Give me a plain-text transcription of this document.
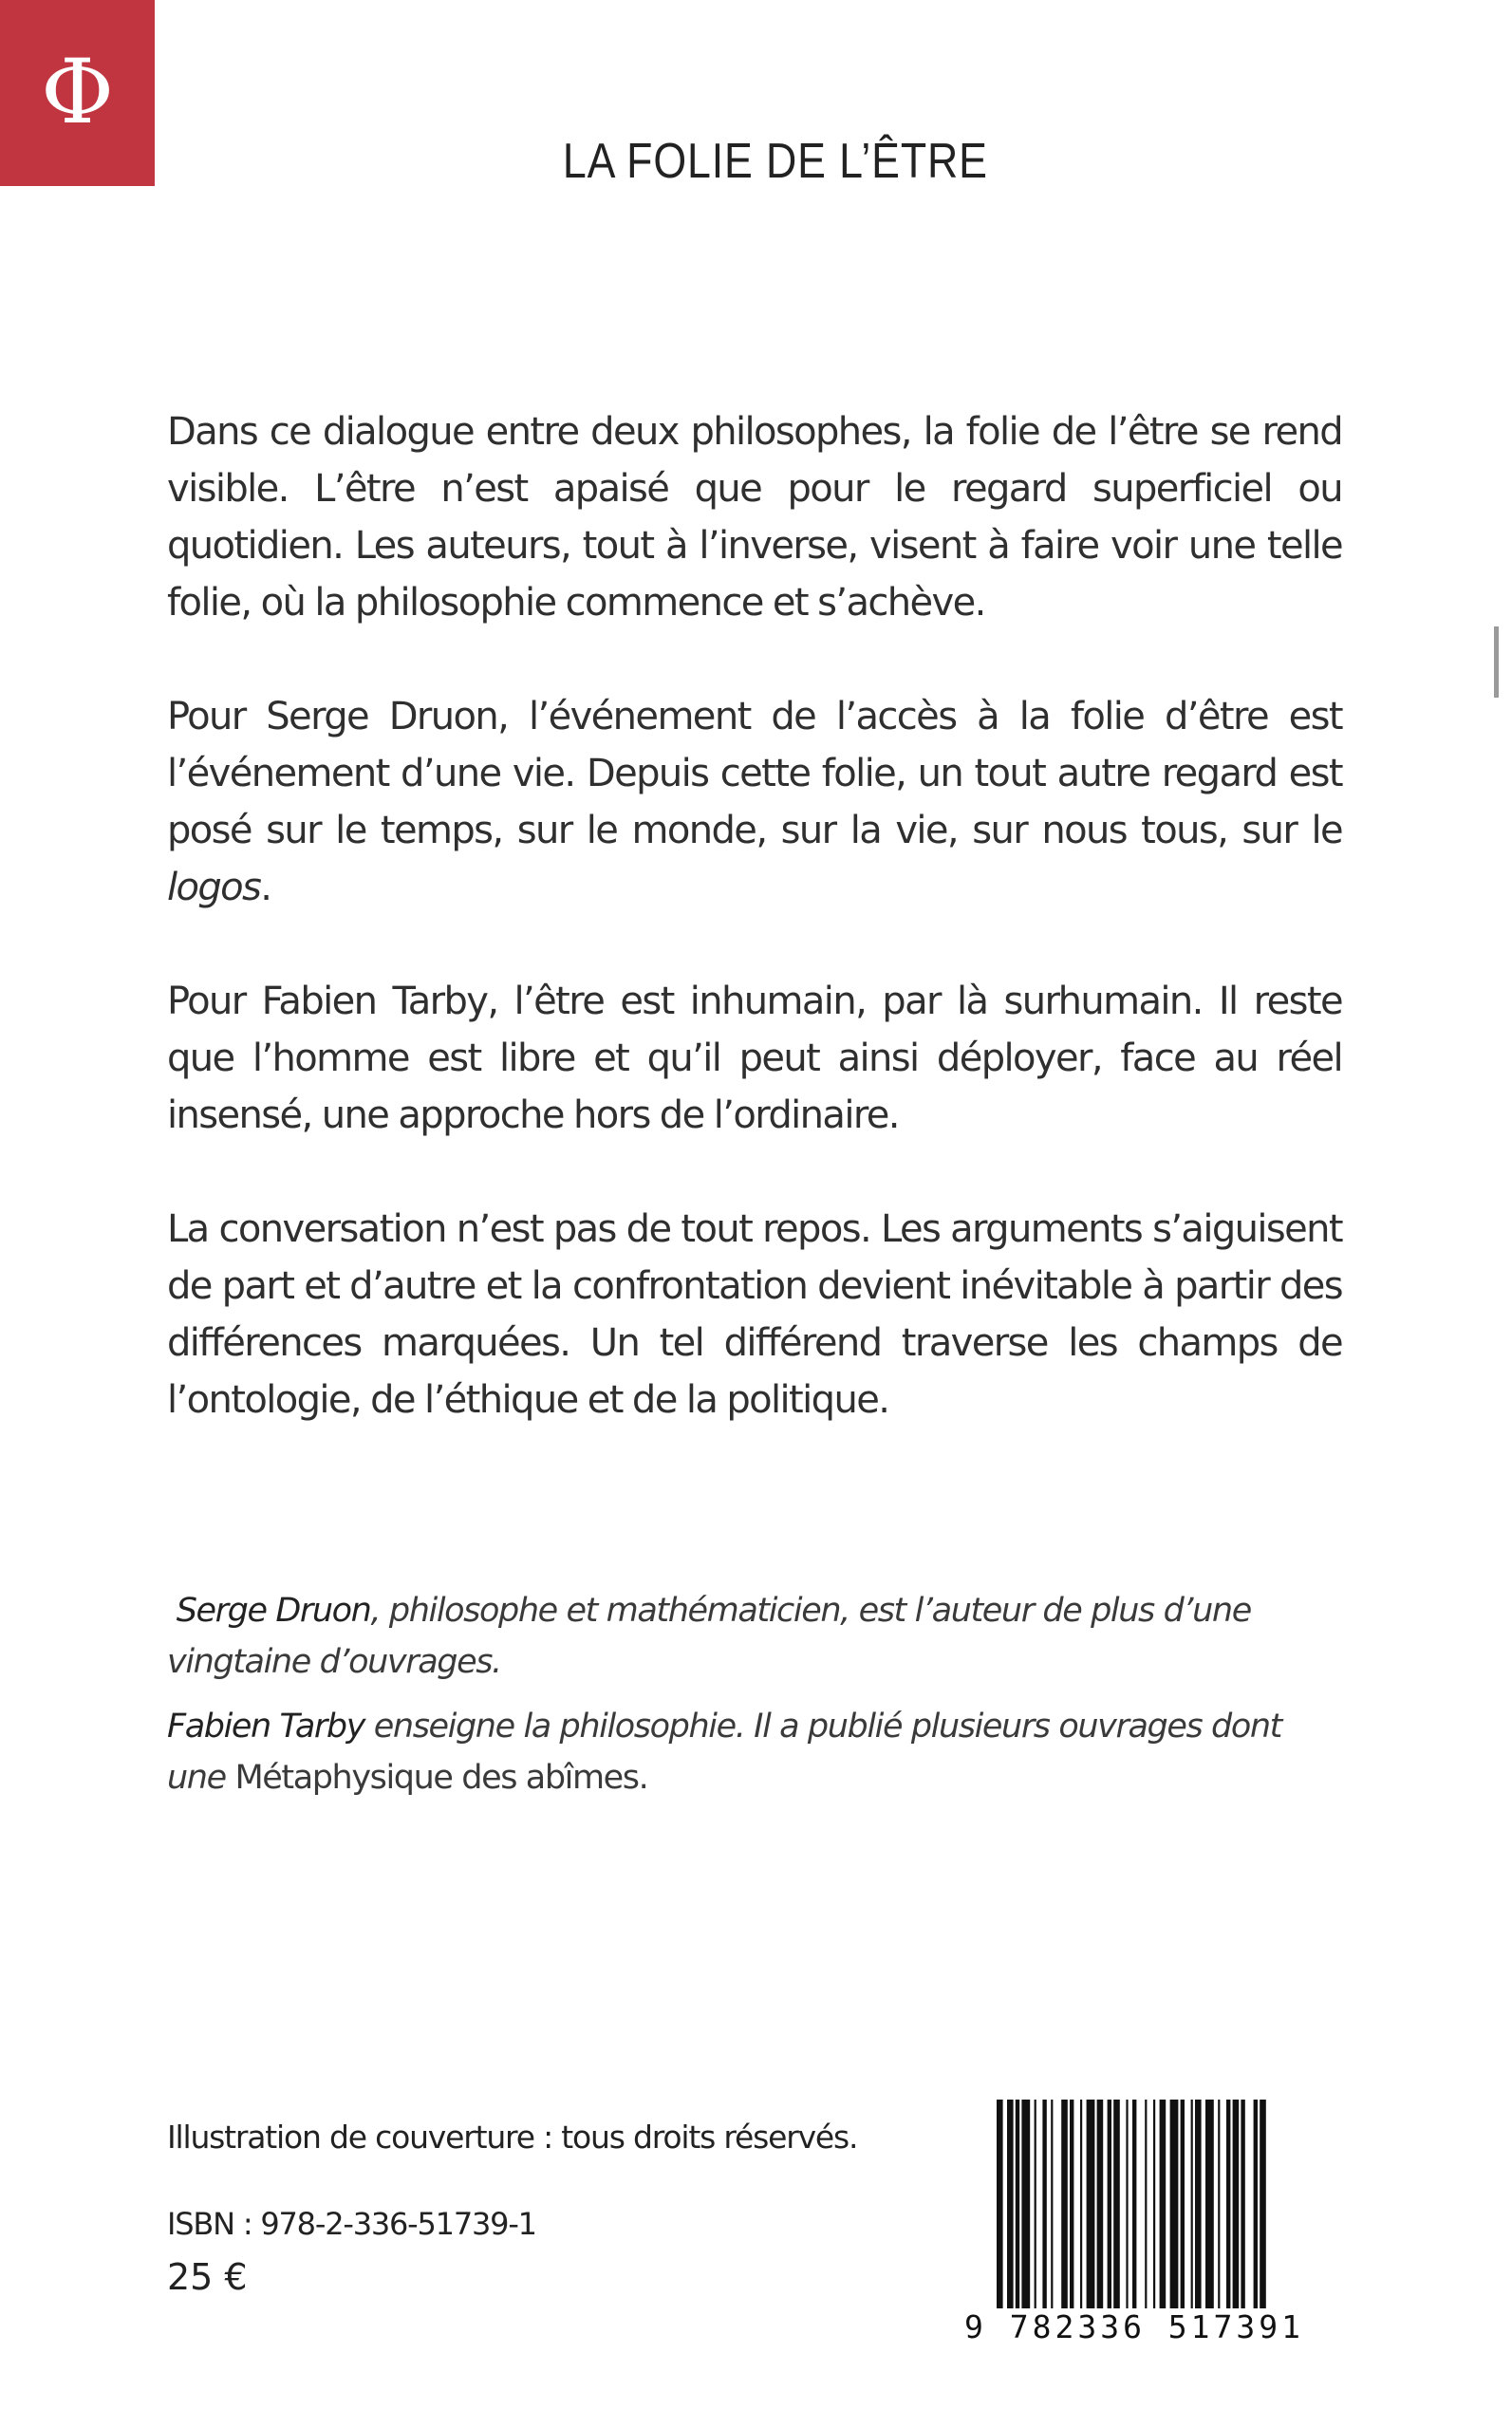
Φ
LA FOLIE DE L’ÊTRE

Dans ce dialogue entre deux philosophes, la folie de l’être se rend visible. L’être n’est apaisé que pour le regard superficiel ou quotidien. Les auteurs, tout à l’inverse, visent à faire voir une telle folie, où la philosophie commence et s’achève.

Pour Serge Druon, l’événement de l’accès à la folie d’être est l’événement d’une vie. Depuis cette folie, un tout autre regard est posé sur le temps, sur le monde, sur la vie, sur nous tous, sur le logos.

Pour Fabien Tarby, l’être est inhumain, par là surhumain. Il reste que l’homme est libre et qu’il peut ainsi déployer, face au réel insensé, une approche hors de l’ordinaire.

La conversation n’est pas de tout repos. Les arguments s’aiguisent de part et d’autre et la confrontation devient inévitable à partir des différences marquées. Un tel différend traverse les champs de l’ontologie, de l’éthique et de la politique.

Serge Druon, philosophe et mathématicien, est l’auteur de plus d’une vingtaine d’ouvrages.

Fabien Tarby enseigne la philosophie. Il a publié plusieurs ouvrages dont une Métaphysique des abîmes.

Illustration de couverture : tous droits réservés.
ISBN : 978-2-336-51739-1
25 €
9 782336 517391
